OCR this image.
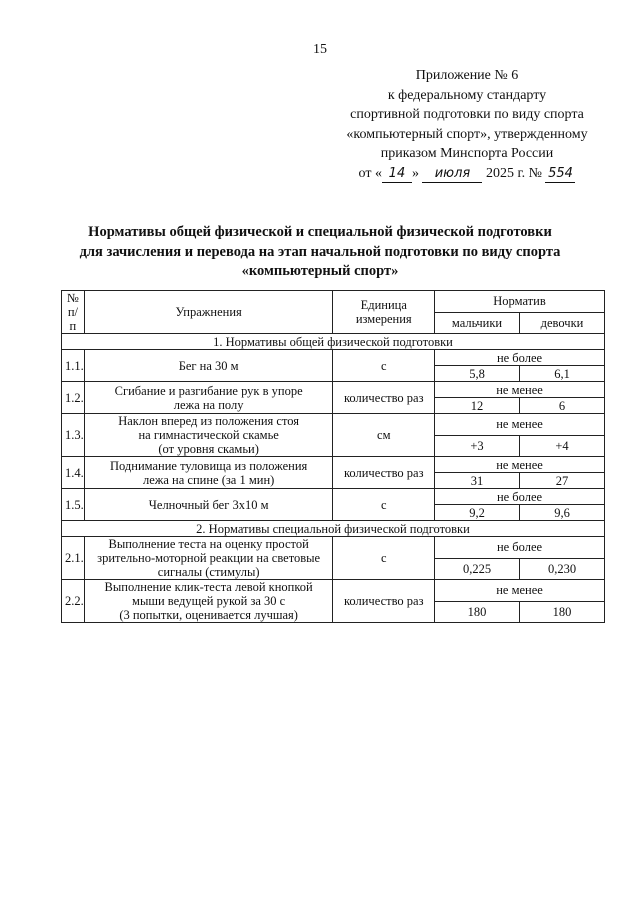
15
Приложение № 6
к федеральному стандарту
спортивной подготовки по виду спорта
«компьютерный спорт», утвержденному
приказом Минспорта России
от « 14 » июля 2025 г. № 554
Нормативы общей физической и специальной физической подготовки
для зачисления и перевода на этап начальной подготовки по виду спорта
«компьютерный спорт»
№
п/п	Упражнения	Единица
измерения	Норматив	
			мальчики	девочки
1. Нормативы общей физической подготовки				
1.1.	Бег на 30 м	с	не более	
			5,8	6,1
1.2.	Сгибание и разгибание рук в упоре
лежа на полу	количество раз	не менее	
			12	6
1.3.	Наклон вперед из положения стоя
на гимнастической скамье
(от уровня скамьи)	см	не менее	
			+3	+4
1.4.	Поднимание туловища из положения
лежа на спине (за 1 мин)	количество раз	не менее	
			31	27
1.5.	Челночный бег 3х10 м	с	не более	
			9,2	9,6
2. Нормативы специальной физической подготовки				
2.1.	Выполнение теста на оценку простой
зрительно-моторной реакции на световые
сигналы (стимулы)	с	не более	
			0,225	0,230
2.2.	Выполнение клик-теста левой кнопкой
мыши ведущей рукой за 30 с
(3 попытки, оценивается лучшая)	количество раз	не менее	
			180	180
